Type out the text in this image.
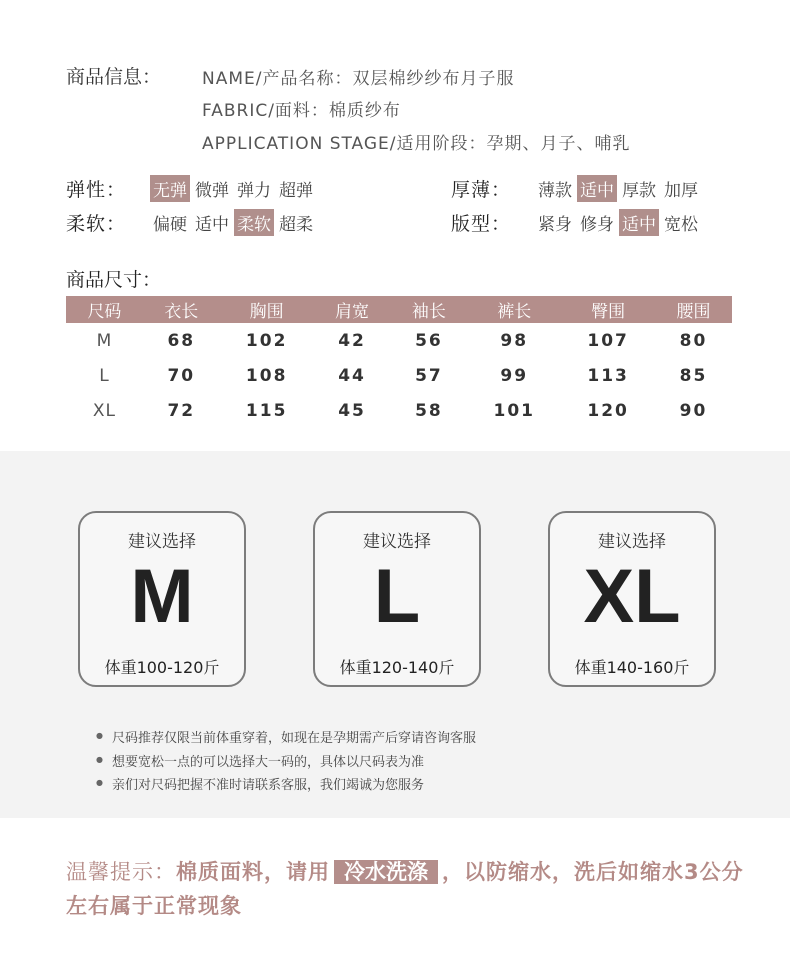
商品信息： NAME/产品名称：双层棉纱纱布月子服
FABRIC/面料：棉质纱布
APPLICATION STAGE/适用阶段：孕期、月子、哺乳
弹性：	无弹 微弹 弹力 超弹	厚薄：	薄款 适中 厚款 加厚
柔软：	偏硬 适中 柔软 超柔	版型：	紧身 修身 适中 宽松
商品尺寸：
尺码	衣长	胸围	肩宽	袖长	裤长	臀围	腰围
M	68	102	42	56	98	107	80
L	70	108	44	57	99	113	85
XL	72	115	45	58	101	120	90
建议选择
M
体重100-120斤
建议选择
L
体重120-140斤
建议选择
XL
体重140-160斤
● 尺码推荐仅限当前体重穿着，如现在是孕期需产后穿请咨询客服
● 想要宽松一点的可以选择大一码的，具体以尺码表为准
● 亲们对尺码把握不准时请联系客服，我们竭诚为您服务
温馨提示：棉质面料，请用 冷水洗涤 ，以防缩水，洗后如缩水3公分左右属于正常现象
